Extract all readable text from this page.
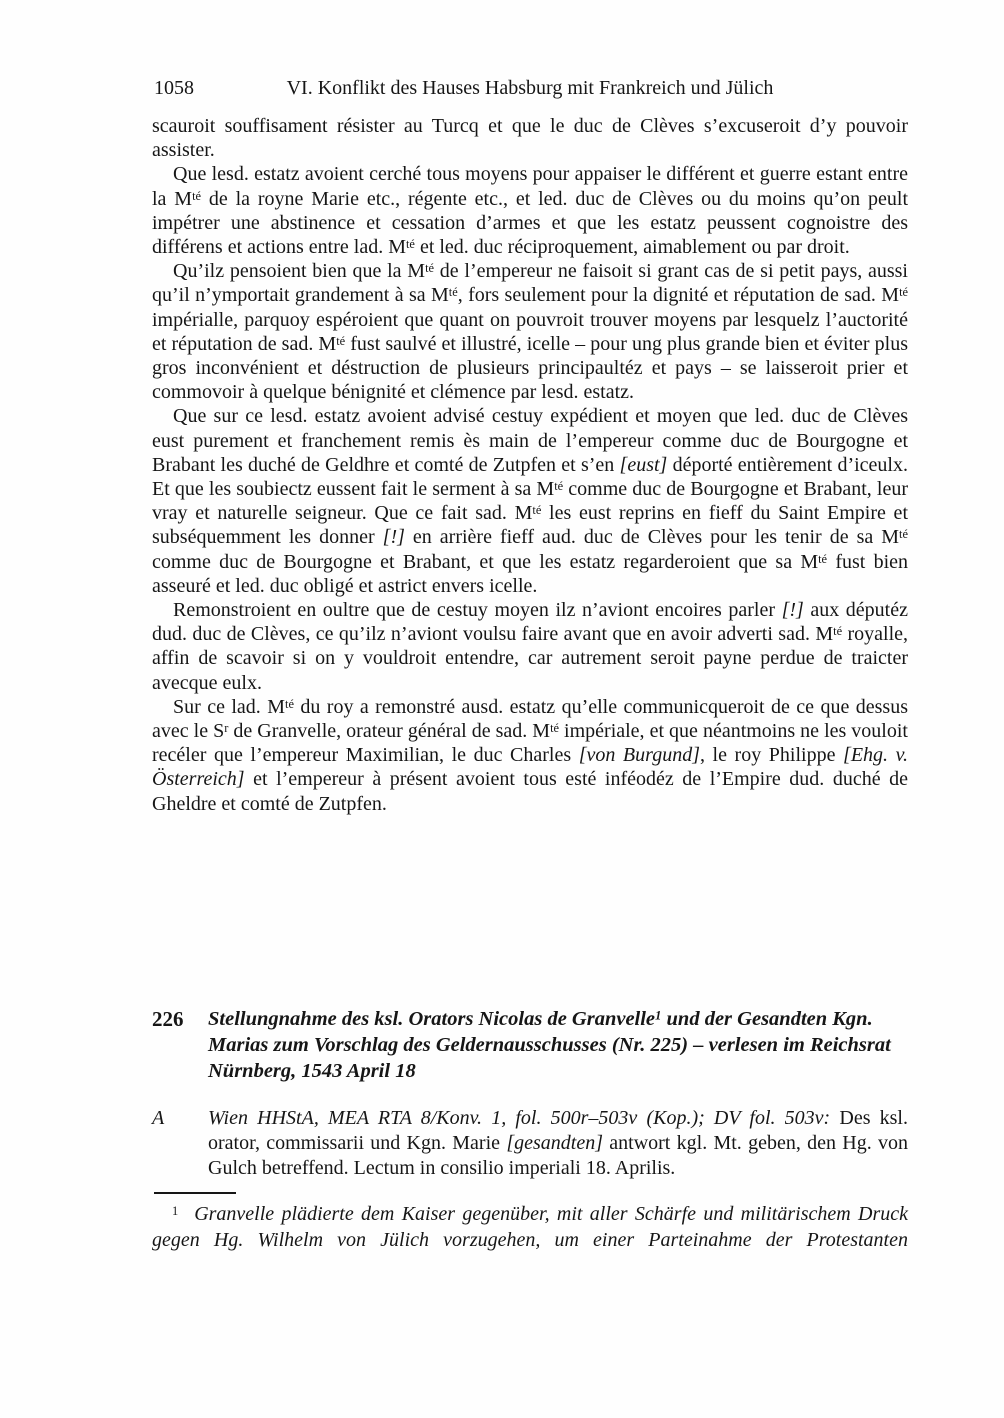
1058	VI. Konflikt des Hauses Habsburg mit Frankreich und Jülich

scauroit souffisament résister au Turcq et que le duc de Clèves s’excuseroit d’y pouvoir assister.

Que lesd. estatz avoient cerché tous moyens pour appaiser le différent et guerre estant entre la $M^{té}$ de la royne Marie etc., régente etc., et led. duc de Clèves ou du moins qu’on peult impétrer une abstinence et cessation d’armes et que les estatz peussent cognoistre des différens et actions entre lad. $M^{té}$ et led. duc réciproquement, aimablement ou par droit.

Qu’ilz pensoient bien que la $M^{té}$ de l’empereur ne faisoit si grant cas de si petit pays, aussi qu’il n’ymportait grandement à sa $M^{té}$, fors seulement pour la dignité et réputation de sad. $M^{té}$ impérialle, parquoy espéroient que quant on pouvroit trouver moyens par lesquelz l’auctorité et réputation de sad. $M^{té}$ fust saulvé et illustré, icelle – pour ung plus grande bien et éviter plus gros inconvénient et déstruction de plusieurs principaultéz et pays – se laisseroit prier et commovoir à quelque bénignité et clémence par lesd. estatz.

Que sur ce lesd. estatz avoient advisé cestuy expédient et moyen que led. duc de Clèves eust purement et franchement remis ès main de l’empereur comme duc de Bourgogne et Brabant les duché de Geldhre et comté de Zutpfen et s’en [eust] déporté entièrement d’iceulx. Et que les soubiectz eussent fait le serment à sa $M^{té}$ comme duc de Bourgogne et Brabant, leur vray et naturelle seigneur. Que ce fait sad. $M^{té}$ les eust reprins en fieff du Saint Empire et subséquemment les donner [!] en arrière fieff aud. duc de Clèves pour les tenir de sa $M^{té}$ comme duc de Bourgogne et Brabant, et que les estatz regarderoient que sa $M^{té}$ fust bien asseuré et led. duc obligé et astrict envers icelle.

Remonstroient en oultre que de cestuy moyen ilz n’aviont encoires parler [!] aux députéz dud. duc de Clèves, ce qu’ilz n’aviont voulsu faire avant que en avoir adverti sad. $M^{té}$ royalle, affin de scavoir si on y vouldroit entendre, car autrement seroit payne perdue de traicter avecque eulx.

Sur ce lad. $M^{té}$ du roy a remonstré ausd. estatz qu’elle communicqueroit de ce que dessus avec le $S^r$ de Granvelle, orateur général de sad. $M^{té}$ impériale, et que néantmoins ne les vouloit recéler que l’empereur Maximilian, le duc Charles [von Burgund], le roy Philippe [Ehg. v. Österreich] et l’empereur à présent avoient tous esté inféodéz de l’Empire dud. duché de Gheldre et comté de Zutpfen.

226	Stellungnahme des ksl. Orators Nicolas de Granvelle$^1$ und der Gesandten Kgn. Marias zum Vorschlag des Geldernausschusses (Nr. 225) – verlesen im Reichsrat Nürnberg, 1543 April 18
A	Wien HHStA, MEA RTA 8/Konv. 1, fol. 500r–503v (Kop.); DV fol. 503v: Des ksl. orator, commissarii und Kgn. Marie [gesandten] antwort kgl. Mt. geben, den Hg. von Gulch betreffend. Lectum in consilio imperiali 18. Aprilis.

$^1$ Granvelle plädierte dem Kaiser gegenüber, mit aller Schärfe und militärischem Druck gegen Hg. Wilhelm von Jülich vorzugehen, um einer Parteinahme der Protestanten
